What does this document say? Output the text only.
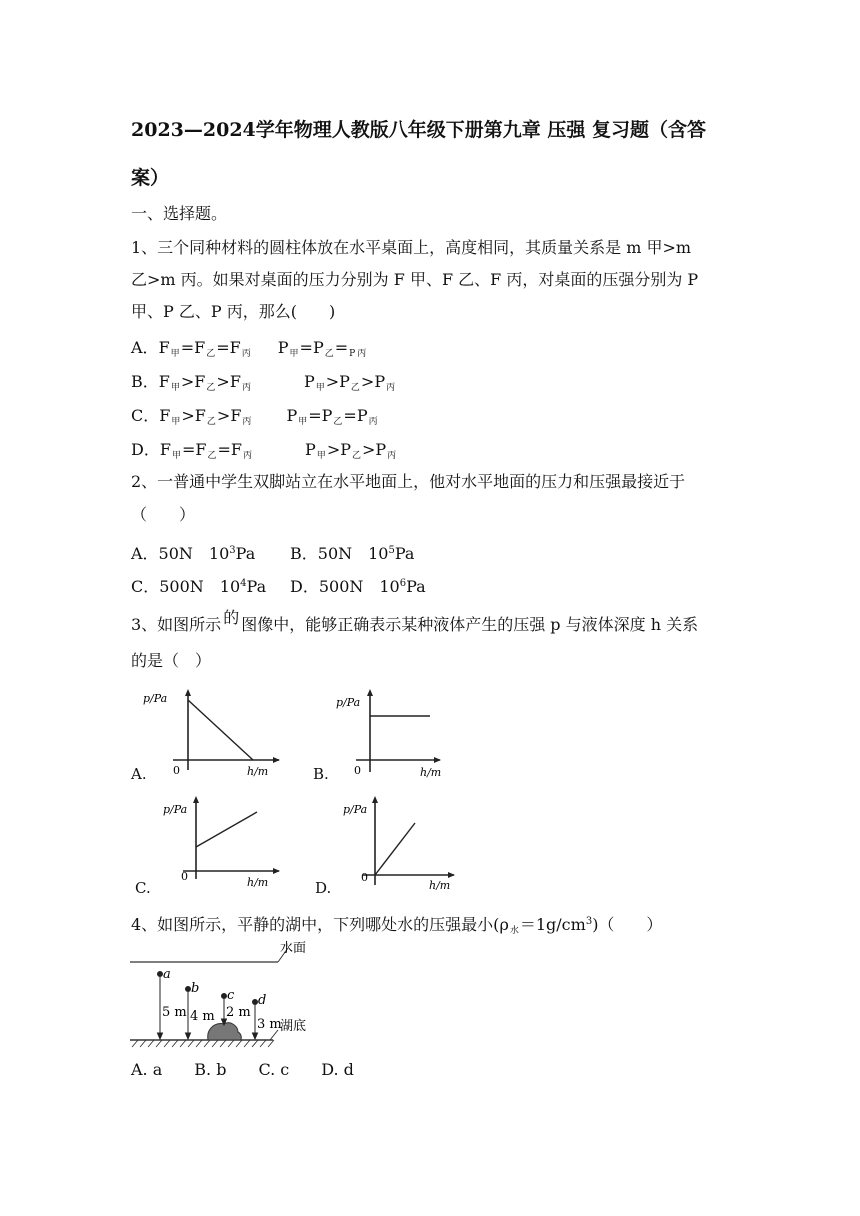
2023—2024学年物理人教版八年级下册第九章 压强 复习题（含答案）
一、选择题。
1、三个同种材料的圆柱体放在水平桌面上，高度相同，其质量关系是 m 甲>m
乙>m 丙。如果对桌面的压力分别为 F 甲、F 乙、F 丙，对桌面的压强分别为 P
甲、P 乙、P 丙，那么(　　)
A．$F_甲=F_乙=F_丙$ $P_甲=P_乙=_P$ $_丙$
B．$F_甲>F_乙>F_丙$	$P_甲>P_乙>P_丙$
C．$F_甲>F_乙>F_丙$ $P_甲=P_乙=P_丙$
D．$F_甲=F_乙=F_丙$	$P_甲>P_乙>P_丙$
2、一普通中学生双脚站立在水平地面上，他对水平地面的压力和压强最接近于
（　　）
A．50N　$10^3Pa$ B．50N　$10^5Pa$
C．500N　$10^4Pa$ D．500N　$10^6Pa$
3、如图所示 的 图像中，能够正确表示某种液体产生的压强 p 与液体深度 h 关系
的是（　）
p/Pa
0	h/m
A.
p/Pa
0	h/m
B.
p/Pa
0	h/m
C.
p/Pa
0
h/m
D.
4、如图所示，平静的湖中，下列哪处水的压强最小$(\rho_水=1g/cm^3)$（　　）
水面
湖底
a
b c d
5 m 4 m 2 m
3 m
A. a　　B. b　　C. c　　D. d
